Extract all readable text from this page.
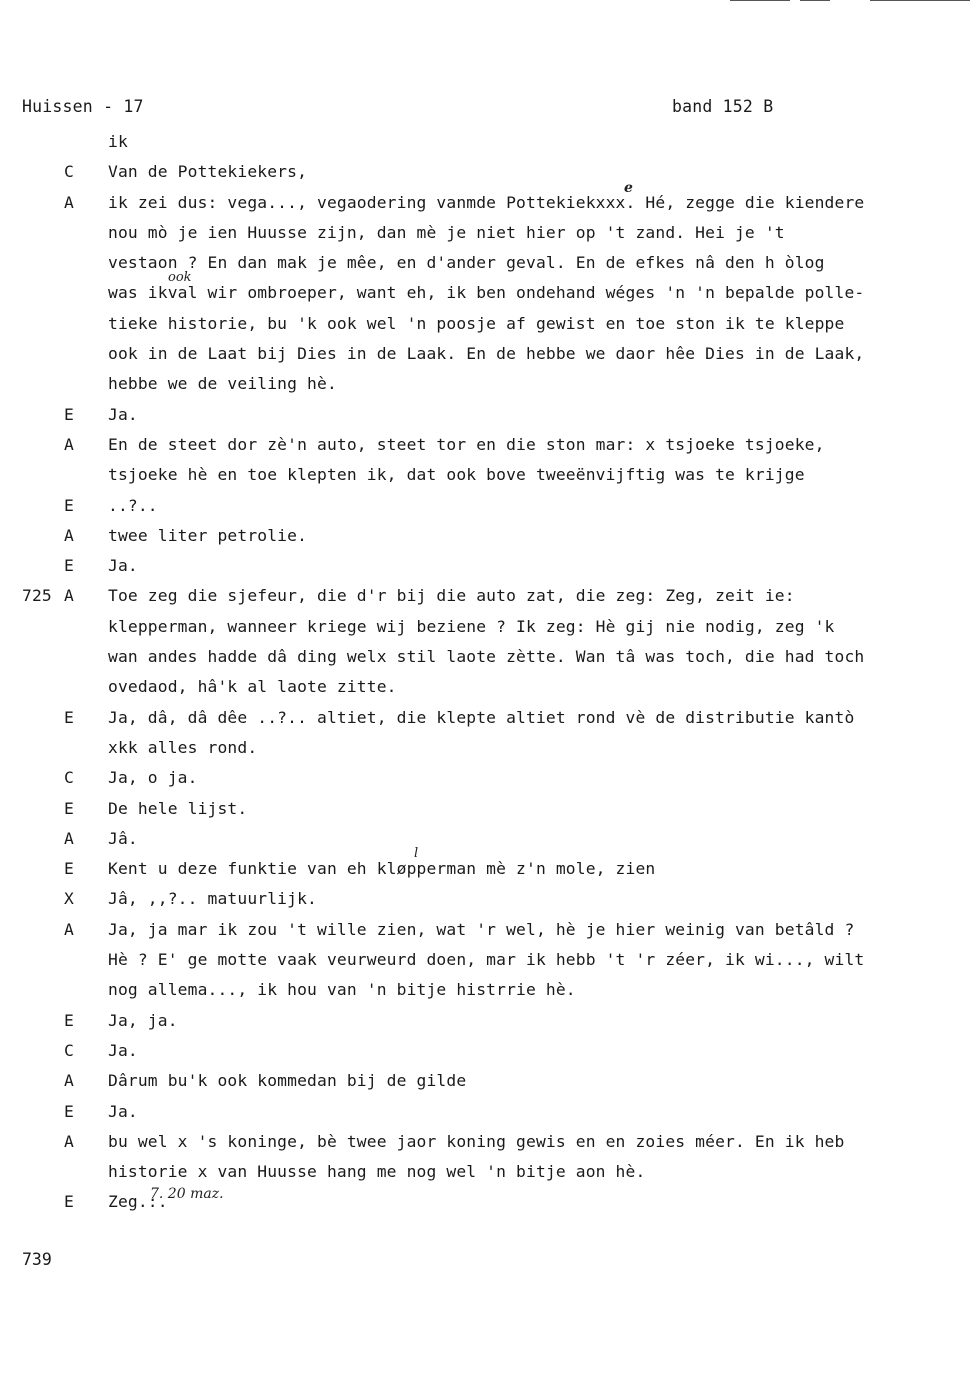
Huissen - 17	band 152 B
ik
C Van de Pottekiekers,
A ik zei dus: vega..., vegaodering vanmde Pottekiekxxx. Hé, zegge die kiendere
nou mò je ien Huusse zijn, dan mè je niet hier op 't zand. Hei je 't
vestaon ? En dan mak je mêe, en d'ander geval. En de efkes nâ den h òlog
was ikval wir ombroeper, want eh, ik ben ondehand wéges 'n 'n bepalde polle-
tieke historie, bu 'k ook wel 'n poosje af gewist en toe ston ik te kleppe
ook in de Laat bij Dies in de Laak. En de hebbe we daor hêe Dies in de Laak,
hebbe we de veiling hè.
E Ja.
A En de steet dor zè'n auto, steet tor en die ston mar: x tsjoeke tsjoeke,
tsjoeke hè en toe klepten ik, dat ook bove tweeënvijftig was te krijge
E ..?..
A twee liter petrolie.
E Ja.
725 A Toe zeg die sjefeur, die d'r bij die auto zat, die zeg: Zeg, zeit ie:
klepperman, wanneer kriege wij beziene ? Ik zeg: Hè gij nie nodig, zeg 'k
wan andes hadde dâ ding welx stil laote zètte. Wan tâ was toch, die had toch
ovedaod, hâ'k al laote zitte.
E Ja, dâ, dâ dêe ..?.. altiet, die klepte altiet rond vè de distributie kantò
xkk alles rond.
C Ja, o ja.
E De hele lijst.
A Jâ.
E Kent u deze funktie van eh kløpperman mè z'n mole, zien
X Jâ, ,,?.. matuurlijk.
A Ja, ja mar ik zou 't wille zien, wat 'r wel, hè je hier weinig van betâld ?
Hè ? E' ge motte vaak veurweurd doen, mar ik hebb 't 'r zéer, ik wi..., wilt
nog allema..., ik hou van 'n bitje histrrie hè.
E Ja, ja.
C Ja.
A Dârum bu'k ook kommedan bij de gilde
E Ja.
A bu wel x 's koninge, bè twee jaor koning gewis en en zoies méer. En ik heb
historie x van Huusse hang me nog wel 'n bitje aon hè.
E Zeg.:.
ook
e
l
7. 20 maz.
739
